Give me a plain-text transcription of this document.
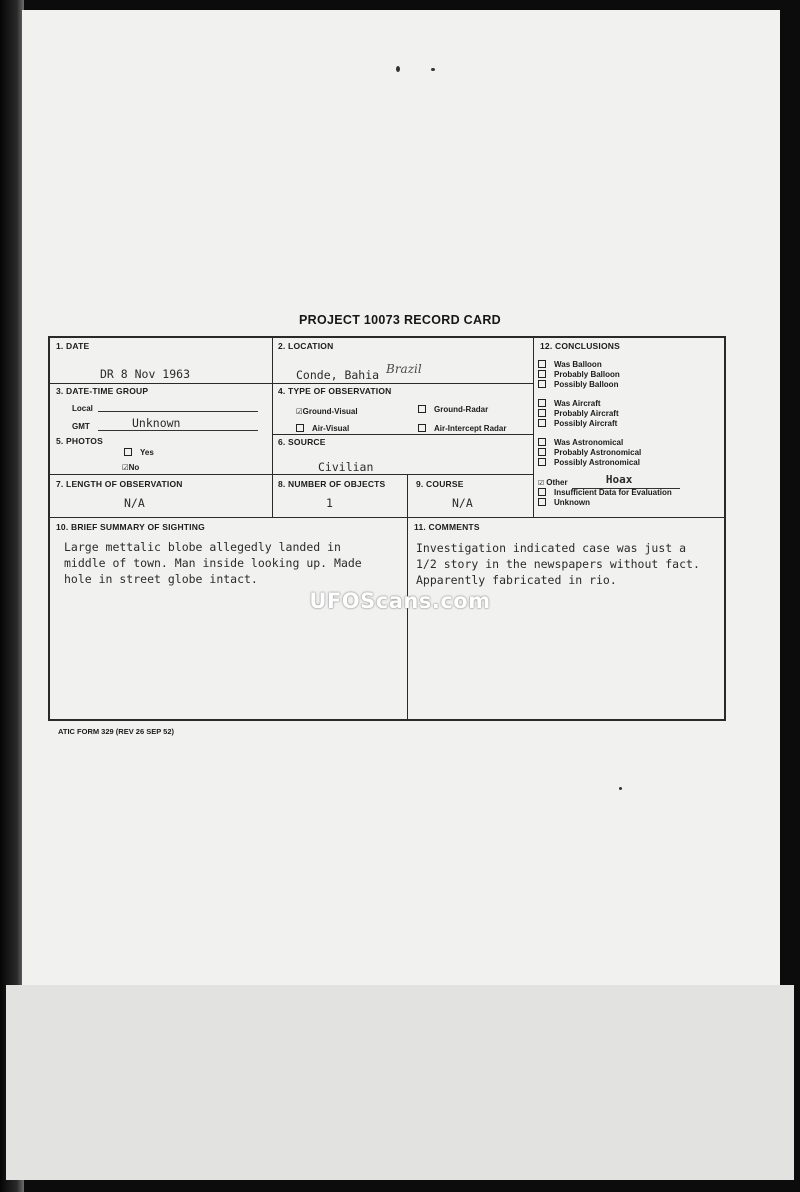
PROJECT 10073 RECORD CARD
1. DATE
DR 8 Nov 1963
2. LOCATION
Conde, Bahia Brazil
3. DATE-TIME GROUP
Local
GMT	Unknown
4. TYPE OF OBSERVATION
☑Ground-Visual	Ground-Radar
Air-Visual	Air-Intercept Radar
5. PHOTOS
Yes
☑No
6. SOURCE
Civilian
7. LENGTH OF OBSERVATION
N/A
8. NUMBER OF OBJECTS
1
9. COURSE
N/A
12. CONCLUSIONS
Was Balloon
Probably Balloon
Possibly Balloon
Was Aircraft
Probably Aircraft
Possibly Aircraft
Was Astronomical
Probably Astronomical
Possibly Astronomical
☑ Other	Hoax
Insufficient Data for Evaluation
Unknown
10. BRIEF SUMMARY OF SIGHTING
Large mettalic blobe allegedly landed in
middle of town. Man inside looking up. Made
hole in street globe intact.
11. COMMENTS
Investigation indicated case was just a
1/2 story in the newspapers without fact.
Apparently fabricated in rio.
UFOScans.com
ATIC FORM 329 (REV 26 SEP 52)
